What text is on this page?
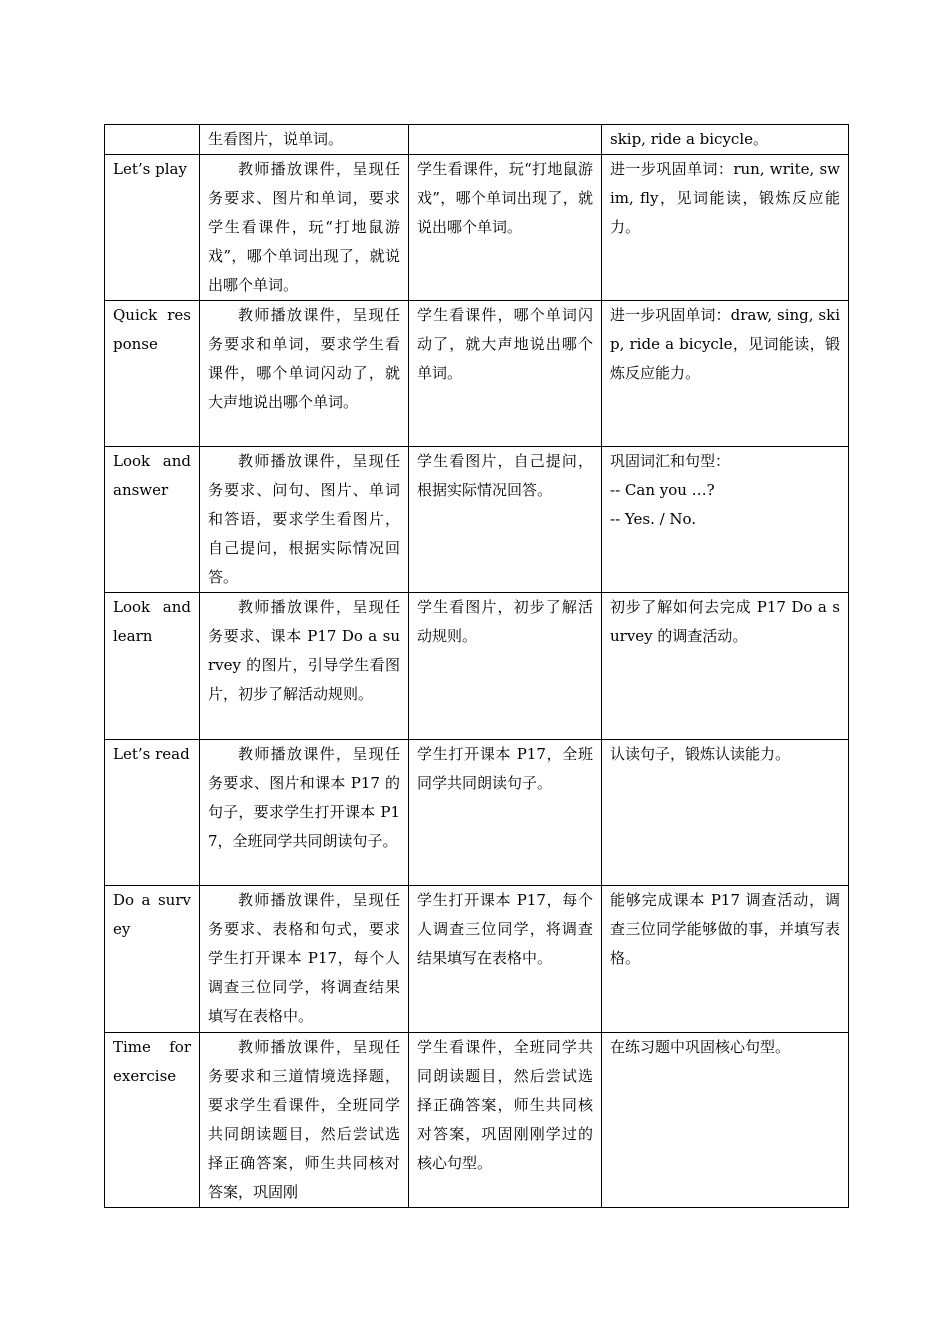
	生看图片，说单词。		skip, ride a bicycle。
Let’s play	教师播放课件，呈现任务要求、图片和单词，要求学生看课件，玩“打地鼠游戏”，哪个单词出现了，就说出哪个单词。	学生看课件，玩“打地鼠游戏”，哪个单词出现了，就说出哪个单词。	进一步巩固单词：run, write, swim, fly，见词能读，锻炼反应能力。
Quick response	教师播放课件，呈现任务要求和单词，要求学生看课件，哪个单词闪动了，就大声地说出哪个单词。	学生看课件，哪个单词闪动了，就大声地说出哪个单词。	进一步巩固单词：draw, sing, skip, ride a bicycle，见词能读，锻炼反应能力。
Look and answer	教师播放课件，呈现任务要求、问句、图片、单词和答语，要求学生看图片，自己提问，根据实际情况回答。	学生看图片，自己提问，根据实际情况回答。	巩固词汇和句型：
-- Can you …?
-- Yes. / No.

Look and learn	教师播放课件，呈现任务要求、课本 P17 Do a survey 的图片，引导学生看图片，初步了解活动规则。	学生看图片，初步了解活动规则。	初步了解如何去完成 P17 Do a survey 的调查活动。
Let’s read	教师播放课件，呈现任务要求、图片和课本 P17 的句子，要求学生打开课本 P17，全班同学共同朗读句子。	学生打开课本 P17，全班同学共同朗读句子。	认读句子，锻炼认读能力。
Do a survey	教师播放课件，呈现任务要求、表格和句式，要求学生打开课本 P17，每个人调查三位同学，将调查结果填写在表格中。	学生打开课本 P17，每个人调查三位同学，将调查结果填写在表格中。	能够完成课本 P17 调查活动，调查三位同学能够做的事，并填写表格。
Time for exercise	教师播放课件，呈现任务要求和三道情境选择题，要求学生看课件，全班同学共同朗读题目，然后尝试选择正确答案，师生共同核对答案，巩固刚	学生看课件，全班同学共同朗读题目，然后尝试选择正确答案，师生共同核对答案，巩固刚刚学过的核心句型。	在练习题中巩固核心句型。
